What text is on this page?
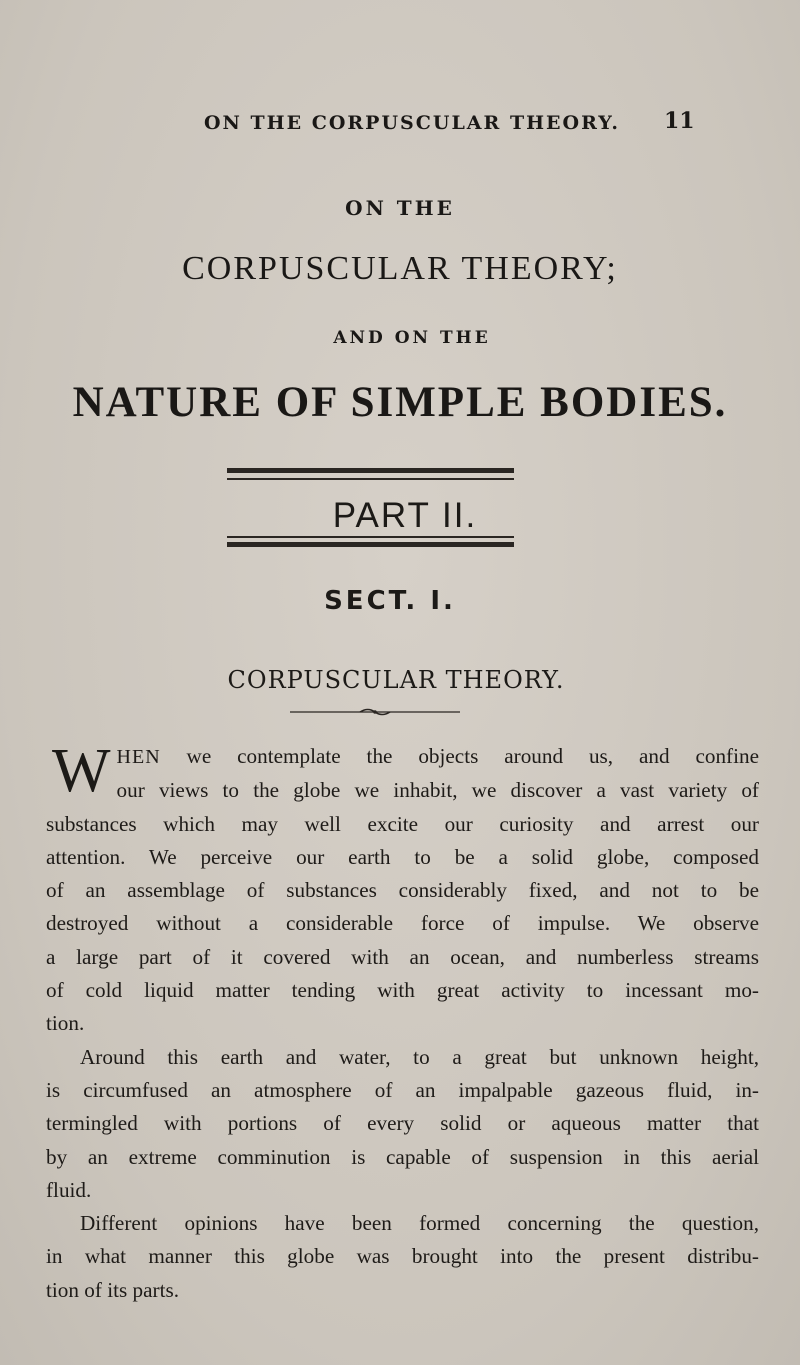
ON THE CORPUSCULAR THEORY.	11
ON THE
CORPUSCULAR THEORY;
AND ON THE
NATURE OF SIMPLE BODIES.
PART II.
SECT. I.
CORPUSCULAR THEORY.

W HEN we contemplate the objects around us, and confine
our views to the globe we inhabit, we discover a vast variety of
substances which may well excite our curiosity and arrest our
attention. We perceive our earth to be a solid globe, composed
of an assemblage of substances considerably fixed, and not to be
destroyed without a considerable force of impulse. We observe
a large part of it covered with an ocean, and numberless streams
of cold liquid matter tending with great activity to incessant mo-
tion.

Around this earth and water, to a great but unknown height,
is circumfused an atmosphere of an impalpable gazeous fluid, in-
termingled with portions of every solid or aqueous matter that
by an extreme comminution is capable of suspension in this aerial
fluid.

Different opinions have been formed concerning the question,
in what manner this globe was brought into the present distribu-
tion of its parts.
